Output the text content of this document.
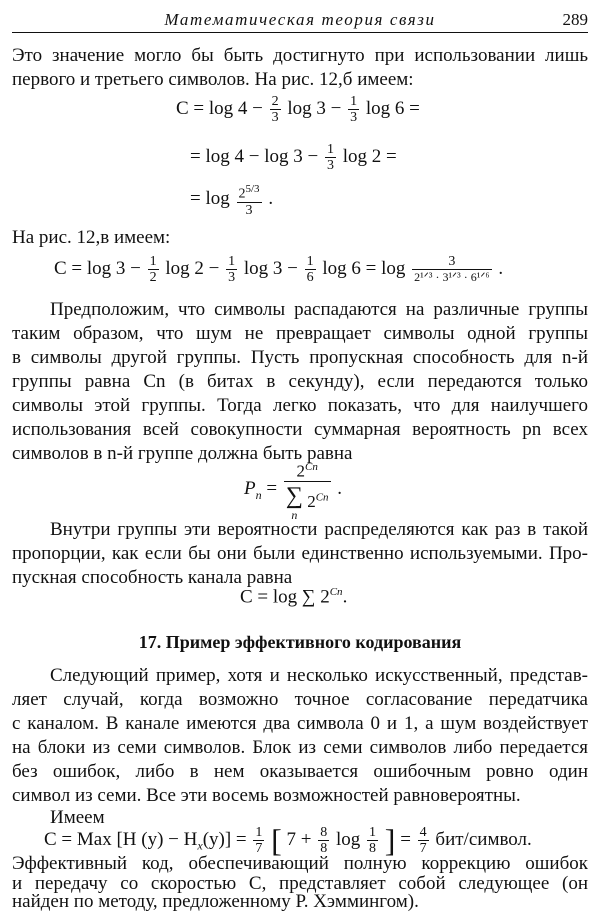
Математическая теория связи	289
Это значение могло бы быть достигнуто при использовании лишь
первого и третьего символов. На рис. 12,б имеем:
$C = \log 4 - \frac{2}{3}$ $\log 3 - \frac{1}{3}$ log 6 =
= $\log 4 - \log 3 - \frac{1}{3}$ log 2 =
= $\log \frac{2^{5/3}}{3}$ .
На рис. 12,в имеем:
$C = \log 3 - \frac{1}{2}$ $\log 2 - \frac{1}{3}$ $\log 3 - \frac{1}{6}$ log 6 = log	3
2¹ᐟ³ · 3¹ᐟ³ · 6¹ᐟ⁶ .
Предположим, что символы распадаются на различные группы
таким образом, что шум не превращает символы одной группы
в символы другой группы. Пусть пропускная способность для n-й
группы равна Cn (в битах в секунду), если передаются только
символы этой группы. Тогда легко показать, что для наилучшего
использования всей совокупности суммарная вероятность pn всех
символов в n-й группе должна быть равна
$P_n = 2^{Cn}$
∑
n
$2^{Cn}$ .
Внутри группы эти вероятности распределяются как раз в такой
пропорции, как если бы они были единственно используемыми. Про-
пускная способность канала равна
C = log ∑ $2^{Cn}$.
17. Пример эффективного кодирования
Следующий пример, хотя и несколько искусственный, представ-
ляет случай, когда возможно точное согласование передатчика
с каналом. В канале имеются два символа 0 и 1, а шум воздействует
на блоки из семи символов. Блок из семи символов либо передается
без ошибок, либо в нем оказывается ошибочным ровно один
символ из семи. Все эти восемь возможностей равновероятны.
Имеем
C = Max [H $(y) - H_x(y)] = \frac{1}{7}$ [ $7 + \frac{8}{8}$ $\log \frac{1}{8}$ ] = $\frac{4}{7}$ бит/символ.
Эффективный код, обеспечивающий полную коррекцию ошибок
и передачу со скоростью C, представляет собой следующее (он
найден по методу, предложенному Р. Хэммингом).
